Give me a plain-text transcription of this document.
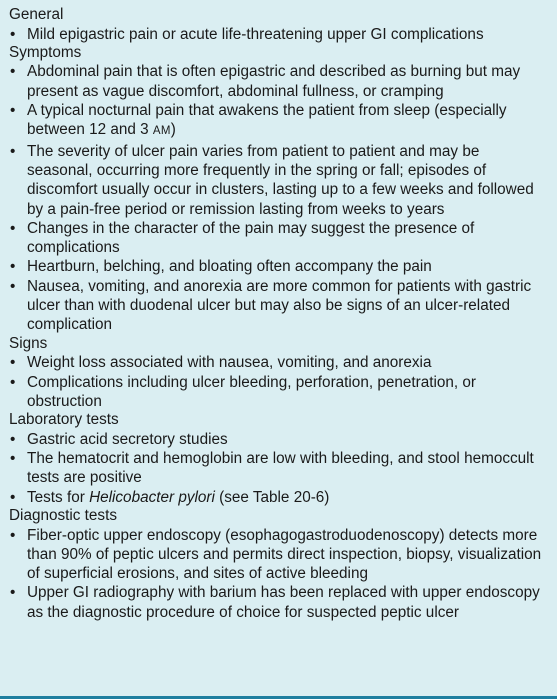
General

• Mild epigastric pain or acute life-threatening upper GI complications

Symptoms

• Abdominal pain that is often epigastric and described as burning but may present as vague discomfort, abdominal fullness, or cramping

• A typical nocturnal pain that awakens the patient from sleep (especially between 12 and 3 AM)

• The severity of ulcer pain varies from patient to patient and may be seasonal, occurring more frequently in the spring or fall; episodes of discomfort usually occur in clusters, lasting up to a few weeks and followed by a pain-free period or remission lasting from weeks to years

• Changes in the character of the pain may suggest the presence of complications

• Heartburn, belching, and bloating often accompany the pain

• Nausea, vomiting, and anorexia are more common for patients with gastric ulcer than with duodenal ulcer but may also be signs of an ulcer-related complication

Signs

• Weight loss associated with nausea, vomiting, and anorexia

• Complications including ulcer bleeding, perforation, penetration, or obstruction

Laboratory tests

• Gastric acid secretory studies

• The hematocrit and hemoglobin are low with bleeding, and stool hemoccult tests are positive

• Tests for Helicobacter pylori (see Table 20-6)

Diagnostic tests

• Fiber-optic upper endoscopy (esophagogastroduodenoscopy) detects more than 90% of peptic ulcers and permits direct inspection, biopsy, visualization of superficial erosions, and sites of active bleeding

• Upper GI radiography with barium has been replaced with upper endoscopy as the diagnostic procedure of choice for suspected peptic ulcer
